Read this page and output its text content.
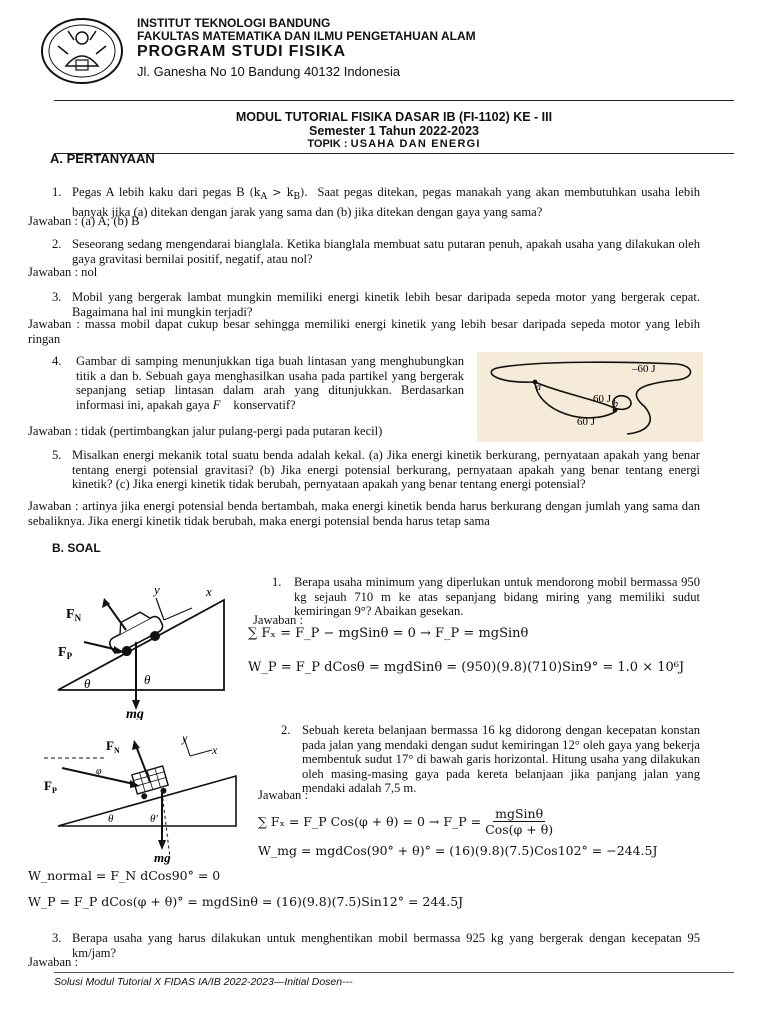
INSTITUT TEKNOLOGI BANDUNG
FAKULTAS MATEMATIKA DAN ILMU PENGETAHUAN ALAM
PROGRAM STUDI FISIKA
Jl. Ganesha No 10 Bandung 40132 Indonesia
MODUL TUTORIAL FISIKA DASAR IB (FI-1102) KE - III
Semester 1 Tahun 2022-2023
TOPIK : USAHA DAN ENERGI
A. PERTANYAAN
1. Pegas A lebih kaku dari pegas B $(k_A > k_B)$.  Saat pegas ditekan, pegas manakah yang akan membutuhkan usaha lebih banyak jika (a) ditekan dengan jarak yang sama dan (b) jika ditekan dengan gaya yang sama?
Jawaban : (a) A; (b) B
2. Seseorang sedang mengendarai bianglala. Ketika bianglala membuat satu putaran penuh, apakah usaha yang dilakukan oleh gaya gravitasi bernilai positif, negatif, atau nol?
Jawaban : nol
3. Mobil yang bergerak lambat mungkin memiliki energi kinetik lebih besar daripada sepeda motor yang bergerak cepat. Bagaimana hal ini mungkin terjadi?
Jawaban : massa mobil dapat cukup besar sehingga memiliki energi kinetik yang lebih besar daripada sepeda motor yang lebih ringan
4. Gambar di samping menunjukkan tiga buah lintasan yang menghubungkan titik a dan b. Sebuah gaya menghasilkan usaha pada partikel yang bergerak sepanjang setiap lintasan dalam arah yang ditunjukkan. Berdasarkan informasi ini, apakah gaya F⃗ konservatif?
–60 J
60 J
60 J
a
b
Jawaban : tidak (pertimbangkan jalur pulang-pergi pada putaran kecil)
5. Misalkan energi mekanik total suatu benda adalah kekal. (a) Jika energi kinetik berkurang, pernyataan apakah yang benar tentang energi potensial gravitasi? (b) Jika energi potensial berkurang, pernyataan apakah yang benar tentang energi kinetik? (c) Jika energi kinetik tidak berubah, pernyataan apakah yang benar tentang energi potensial?
Jawaban : artinya jika energi potensial benda bertambah, maka energi kinetik benda harus berkurang dengan jumlah yang sama dan sebaliknya. Jika energi kinetik tidak berubah, maka energi potensial benda harus tetap sama
B. SOAL
$F_N$
$F_P$
y	x
θ	θ
mg
1. Berapa usaha minimum yang diperlukan untuk mendorong mobil bermassa 950 kg sejauh 710 m ke atas sepanjang bidang miring yang memiliki sudut kemiringan 9°? Abaikan gesekan.
Jawaban :
∑ Fₓ = F_P − mgSinθ = 0 → F_P = mgSinθ
W_P = F_P dCosθ = mgdSinθ = (950)(9.8)(710)Sin9° = 1.0 × 10⁶J
$F_N$
$F_P$
y
x
φ
θ	θ'
mg
2. Sebuah kereta belanjaan bermassa 16 kg didorong dengan kecepatan konstan pada jalan yang mendaki dengan sudut kemiringan 12° oleh gaya yang bekerja membentuk sudut 17° di bawah garis horizontal. Hitung usaha yang dilakukan oleh masing-masing gaya pada kereta belanjaan jika panjang jalan yang mendaki adalah 7,5 m.
Jawaban :
∑ Fₓ = F_P Cos(φ + θ) = 0 → F_P =
mgSinθ
Cos(φ + θ)
W_mg = mgdCos(90° + θ)° = (16)(9.8)(7.5)Cos102° = −244.5J
W_normal = F_N dCos90° = 0
W_P = F_P dCos(φ + θ)° = mgdSinθ = (16)(9.8)(7.5)Sin12° = 244.5J
3. Berapa usaha yang harus dilakukan untuk menghentikan mobil bermassa 925 kg yang bergerak dengan kecepatan 95 km/jam?
Jawaban :
Solusi Modul Tutorial X FIDAS IA/IB 2022-2023—Initial Dosen---
